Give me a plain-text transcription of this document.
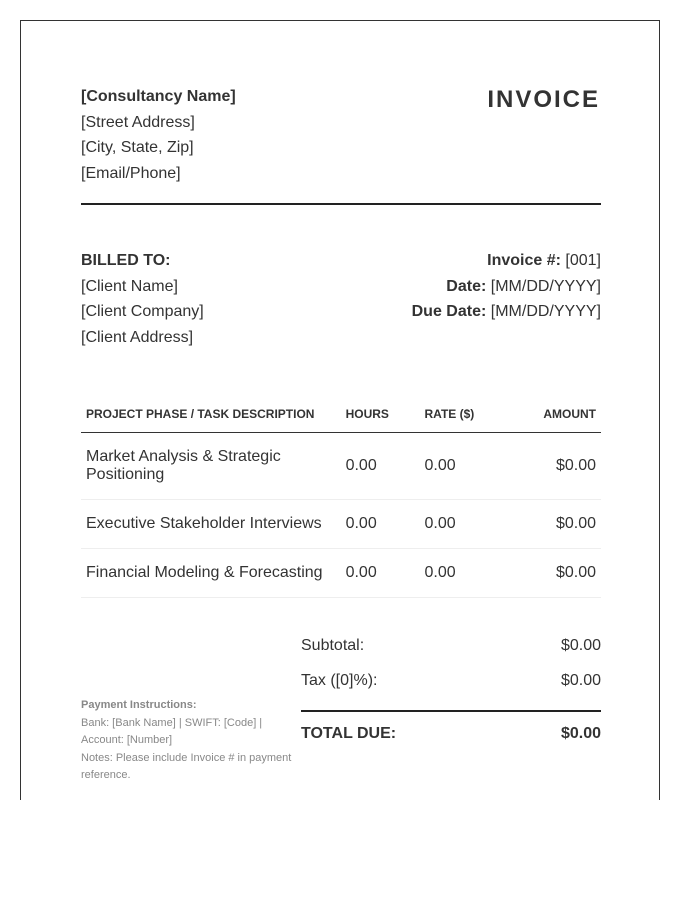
[Consultancy Name]
[Street Address]
[City, State, Zip]
[Email/Phone]
INVOICE
BILLED TO:
[Client Name]
[Client Company]
[Client Address]
Invoice #: [001]
Date: [MM/DD/YYYY]
Due Date: [MM/DD/YYYY]
PROJECT PHASE / TASK DESCRIPTION	HOURS	RATE ($)	AMOUNT
Market Analysis & Strategic Positioning	0.00	0.00	$0.00
Executive Stakeholder Interviews	0.00	0.00	$0.00
Financial Modeling & Forecasting	0.00	0.00	$0.00
Subtotal:	$0.00
Tax ([0]%):	$0.00
TOTAL DUE:	$0.00
Payment Instructions:
Bank: [Bank Name] | SWIFT: [Code] |
Account: [Number]
Notes: Please include Invoice # in payment reference.
